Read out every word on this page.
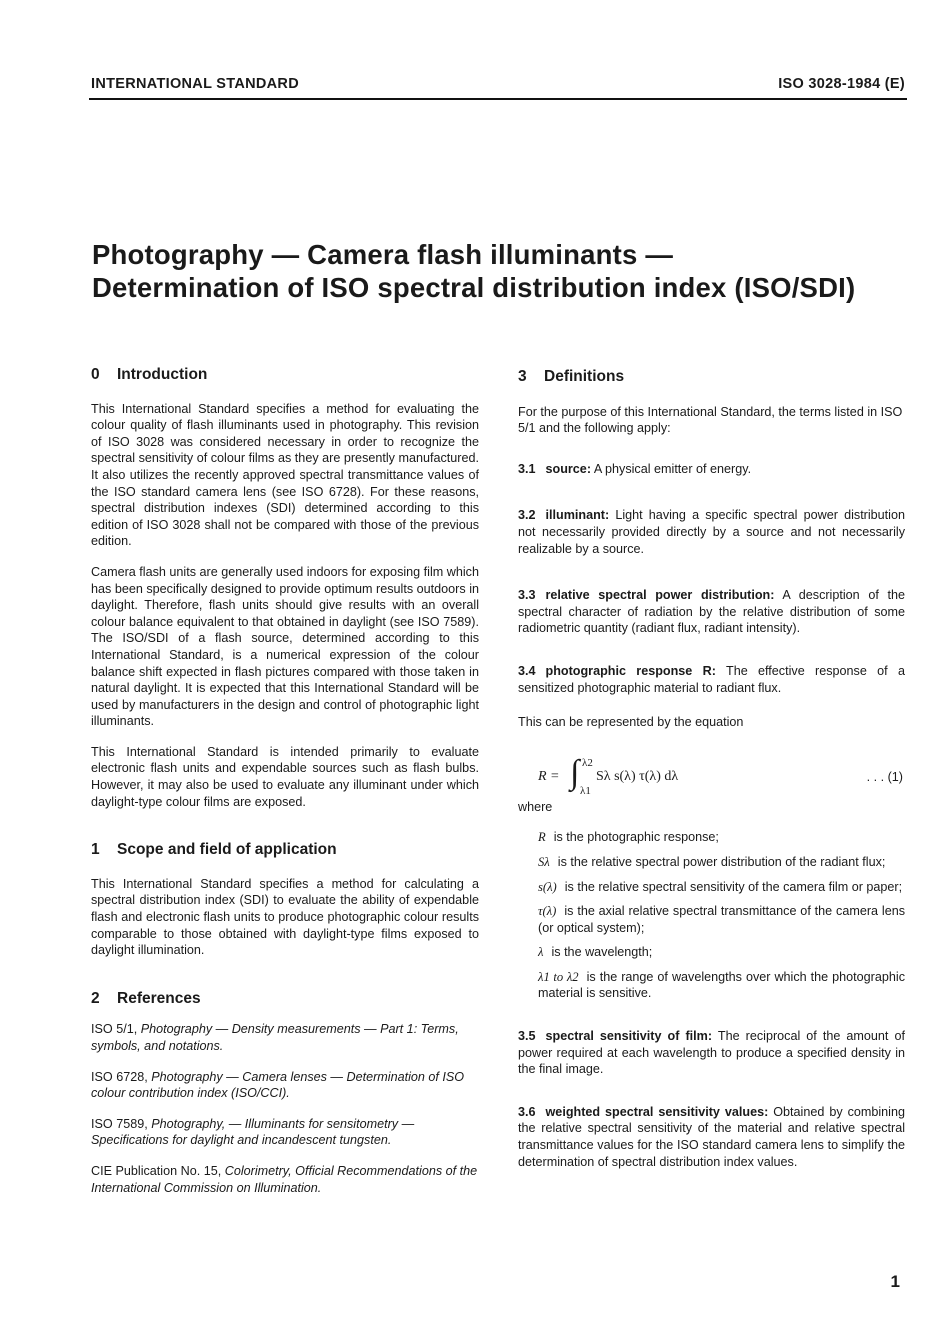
INTERNATIONAL STANDARD	ISO 3028-1984 (E)
Photography — Camera flash illuminants —
Determination of ISO spectral distribution index (ISO/SDI)
0 Introduction

This International Standard specifies a method for evaluating the colour quality of flash illuminants used in photography. This revision of ISO 3028 was considered necessary in order to recognize the spectral sensitivity of colour films as they are presently manufactured. It also utilizes the recently approved spectral transmittance values of the ISO standard camera lens (see ISO 6728). For these reasons, spectral distribution indexes (SDI) determined according to this edition of ISO 3028 shall not be compared with those of the previous edition.

Camera flash units are generally used indoors for exposing film which has been specifically designed to provide optimum results outdoors in daylight. Therefore, flash units should give results with an overall colour balance equivalent to that obtained in daylight (see ISO 7589). The ISO/SDI of a flash source, determined according to this International Standard, is a numerical expression of the colour balance shift expected in flash pictures compared with those taken in natural daylight. It is expected that this International Standard will be used by manufacturers in the design and control of photographic light illuminants.

This International Standard is intended primarily to evaluate electronic flash units and expendable sources such as flash bulbs. However, it may also be used to evaluate any illuminant under which daylight-type colour films are exposed.

1 Scope and field of application

This International Standard specifies a method for calculating a spectral distribution index (SDI) to evaluate the ability of expendable flash and electronic flash units to produce photographic colour results comparable to those obtained with daylight-type films exposed to daylight illumination.

2 References

ISO 5/1, Photography — Density measurements — Part 1: Terms, symbols, and notations.

ISO 6728, Photography — Camera lenses — Determination of ISO colour contribution index (ISO/CCI).

ISO 7589, Photography, — Illuminants for sensitometry — Specifications for daylight and incandescent tungsten.

CIE Publication No. 15, Colorimetry, Official Recommendations of the International Commission on Illumination.

3 Definitions

For the purpose of this International Standard, the terms listed in ISO 5/1 and the following apply:

3.1 source: A physical emitter of energy.

3.2 illuminant: Light having a specific spectral power distribution not necessarily provided directly by a source and not necessarily realizable by a source.

3.3 relative spectral power distribution: A description of the spectral character of radiation by the relative distribution of some radiometric quantity (radiant flux, radiant intensity).

3.4 photographic response R: The effective response of a sensitized photographic material to radiant flux.

This can be represented by the equation

R = ∫ λ2
λ1
Sλ s(λ) τ(λ) dλ	. . . (1)

where

R is the photographic response;

Sλ is the relative spectral power distribution of the radiant flux;

s(λ) is the relative spectral sensitivity of the camera film or paper;

τ(λ) is the axial relative spectral transmittance of the camera lens (or optical system);

λ is the wavelength;

λ1 to λ2 is the range of wavelengths over which the photographic material is sensitive.

3.5 spectral sensitivity of film: The reciprocal of the amount of power required at each wavelength to produce a specified density in the final image.

3.6 weighted spectral sensitivity values: Obtained by combining the relative spectral sensitivity of the material and relative spectral transmittance values for the ISO standard camera lens to simplify the determination of spectral distribution index values.

1
